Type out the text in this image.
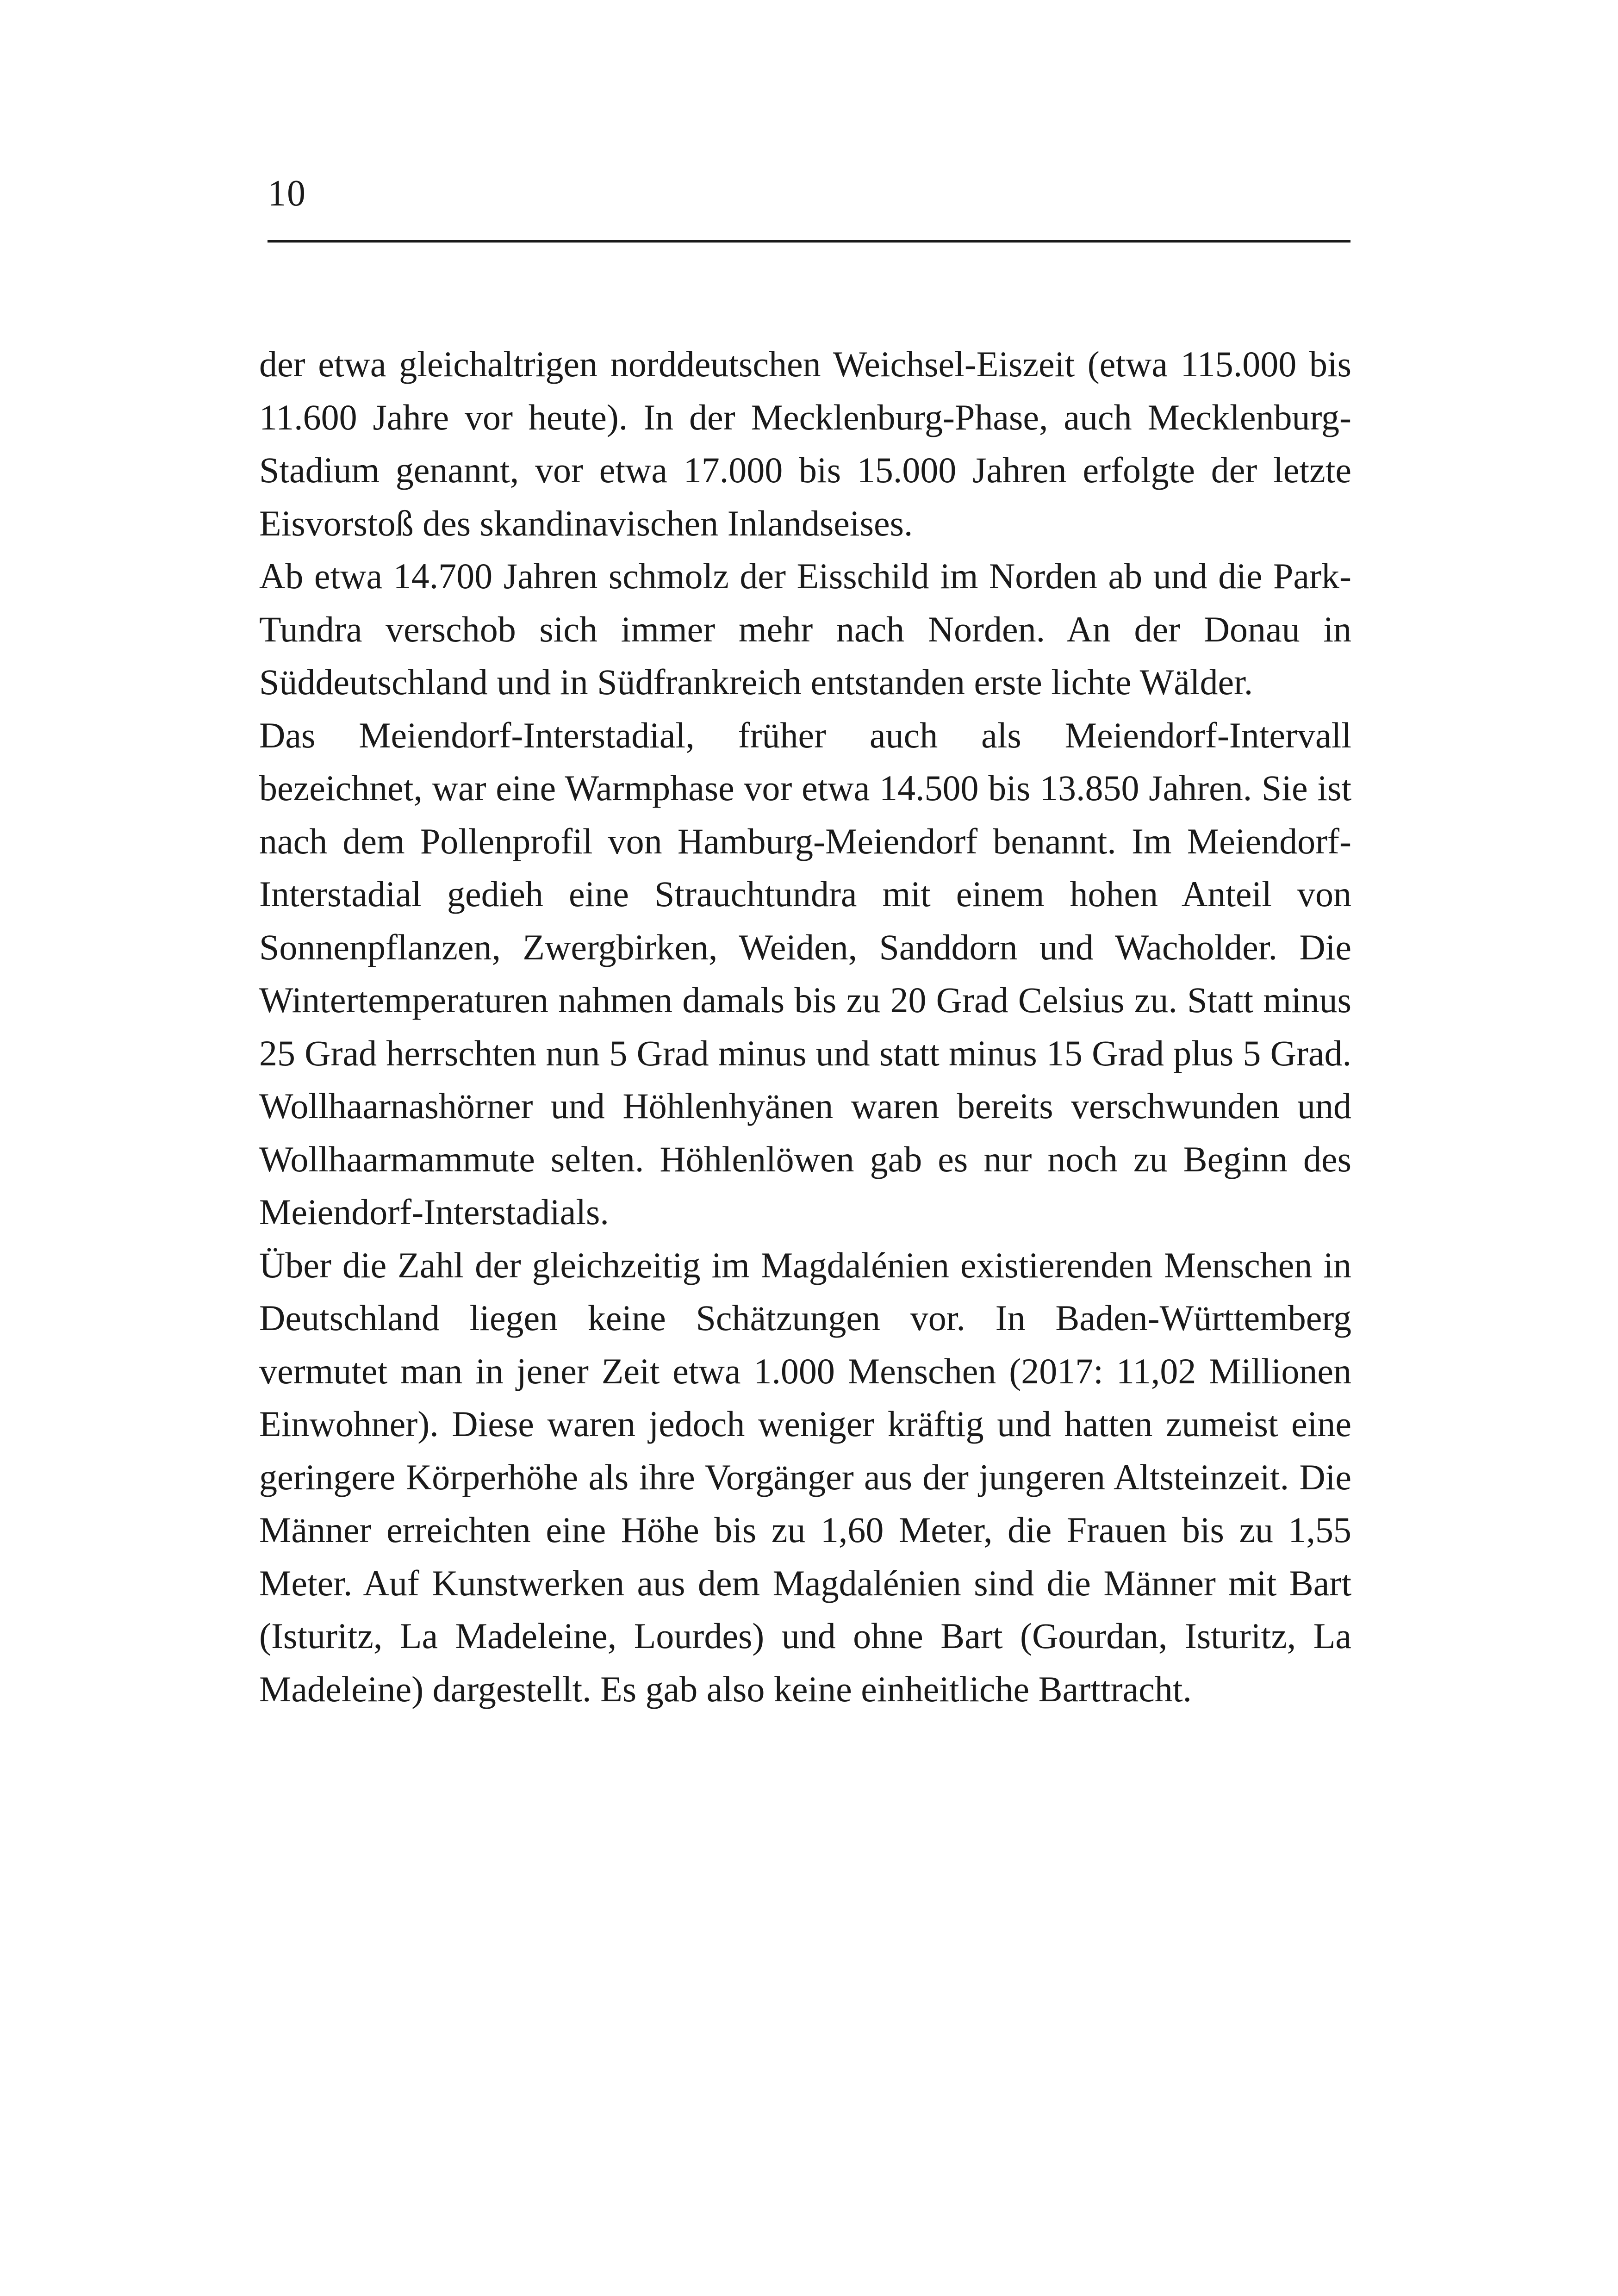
10

der etwa gleichaltrigen norddeutschen Weichsel-Eiszeit (etwa 115.000 bis 11.600 Jahre vor heute). In der Mecklenburg-Phase, auch Mecklenburg-Stadium genannt, vor etwa 17.000 bis 15.000 Jahren erfolgte der letzte Eisvorstoß des skandinavischen Inlandseises.

Ab etwa 14.700 Jahren schmolz der Eisschild im Norden ab und die Park-Tundra verschob sich immer mehr nach Norden. An der Donau in Süddeutschland und in Südfrankreich entstanden erste lichte Wälder.

Das Meiendorf-Interstadial, früher auch als Meiendorf-Intervall bezeichnet, war eine Warmphase vor etwa 14.500 bis 13.850 Jahren. Sie ist nach dem Pollenprofil von Hamburg-Meiendorf benannt. Im Meiendorf-Interstadial gedieh eine Strauchtundra mit einem hohen Anteil von Sonnenpflanzen, Zwergbirken, Weiden, Sanddorn und Wacholder. Die Wintertemperaturen nahmen damals bis zu 20 Grad Celsius zu. Statt minus 25 Grad herrschten nun 5 Grad minus und statt minus 15 Grad plus 5 Grad. Wollhaarnashörner und Höhlenhyänen waren bereits verschwunden und Wollhaarmammute selten. Höhlenlöwen gab es nur noch zu Beginn des Meiendorf-Interstadials.

Über die Zahl der gleichzeitig im Magdalénien existierenden Menschen in Deutschland liegen keine Schätzungen vor. In Baden-Württemberg vermutet man in jener Zeit etwa 1.000 Menschen (2017: 11,02 Millionen Einwohner). Diese waren jedoch weniger kräftig und hatten zumeist eine geringere Körperhöhe als ihre Vorgänger aus der jungeren Altsteinzeit. Die Männer erreichten eine Höhe bis zu 1,60 Meter, die Frauen bis zu 1,55 Meter. Auf Kunstwerken aus dem Magdalénien sind die Männer mit Bart (Isturitz, La Madeleine, Lourdes) und ohne Bart (Gourdan, Isturitz, La Madeleine) dargestellt. Es gab also keine einheitliche Barttracht.
